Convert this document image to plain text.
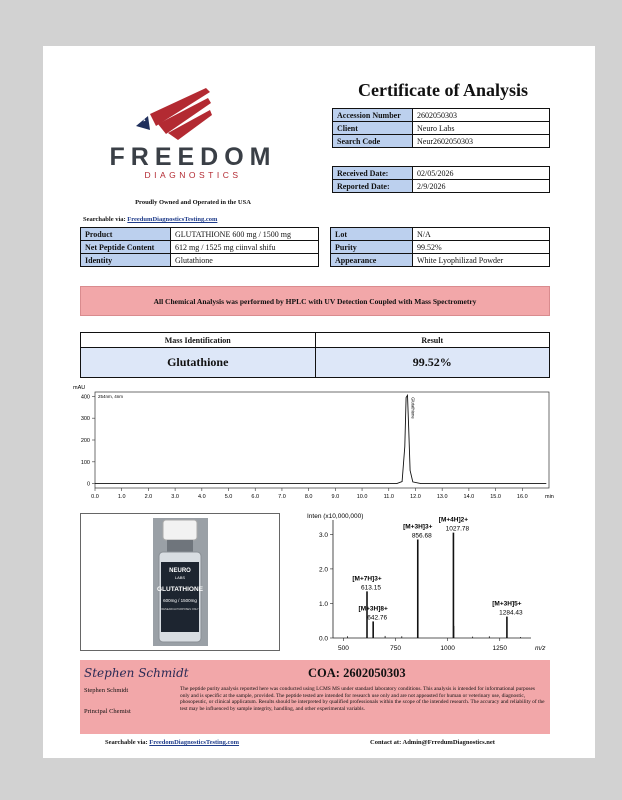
FREEDOM
DIAGNOSTICS
Proudly Owned and Operated in the USA
Searchable via: FreedumDiagnosticsTesting.com
Certificate of Analysis
Accession Number	2602050303
Client	Neuro Labs
Search Code	Neur2602050303
Received Date:	02/05/2026
Reported Date:	2/9/2026
Product	GLUTATHIONE 600 mg / 1500 mg
Net Peptide Content	612 mg / 1525 mg ciinval shifu
Identity	Glutathione
Lot	N/A
Purity	99.52%
Appearance	White Lyophilizad Powder
All Chemical Analysis was performed by HPLC with UV Detection Coupled with Mass Spectrometry
Mass Identification	Result
Glutathione	99.52%
mAU
254nm, 4nm
0
100
200
300
400
0.0	1.0	2.0	3.0	4.0	5.0	6.0	7.0	8.0	9.0	10.0	11.0	12.0	13.0	14.0	15.0	16.0	min
Glutathione
NEURO
LABS
GLUTATHIONE
600mg / 1500mg
RESEARCH PURPOSES ONLY
Inten (x10,000,000)
0.0
1.0
2.0
3.0
500	750	1000	1250	m/z
[M+3H]8+
642.76
[M+7H]3+
613.15
[M+3H]3+
856.68
[M+4H]2+
1027.78
[M+3H]5+
1284.43
Stephen Schmidt
Stephen Schmidt
Principal Chemist
COA: 2602050303
The peptide purity analysis reported here was conducted using LCMS MS under standard laboratory conditions. This analysis is intended for informational purposes only and is specific at the sample, provided. The peptide tested are intended for research use only and are not appeasted for human or veterinary use, diagnostic, phosopeutic, or clinical applicatum. Results should be interpreted by qualified professionals within the scope of the intended research. The accuracy and reliability of the test may be influenced by sample integrity, handling, and other experimental variabls.
Searchable via: FreedomDiagnosticsTesting.com	Contact at: Admin@FrredumDiagnostics.net
